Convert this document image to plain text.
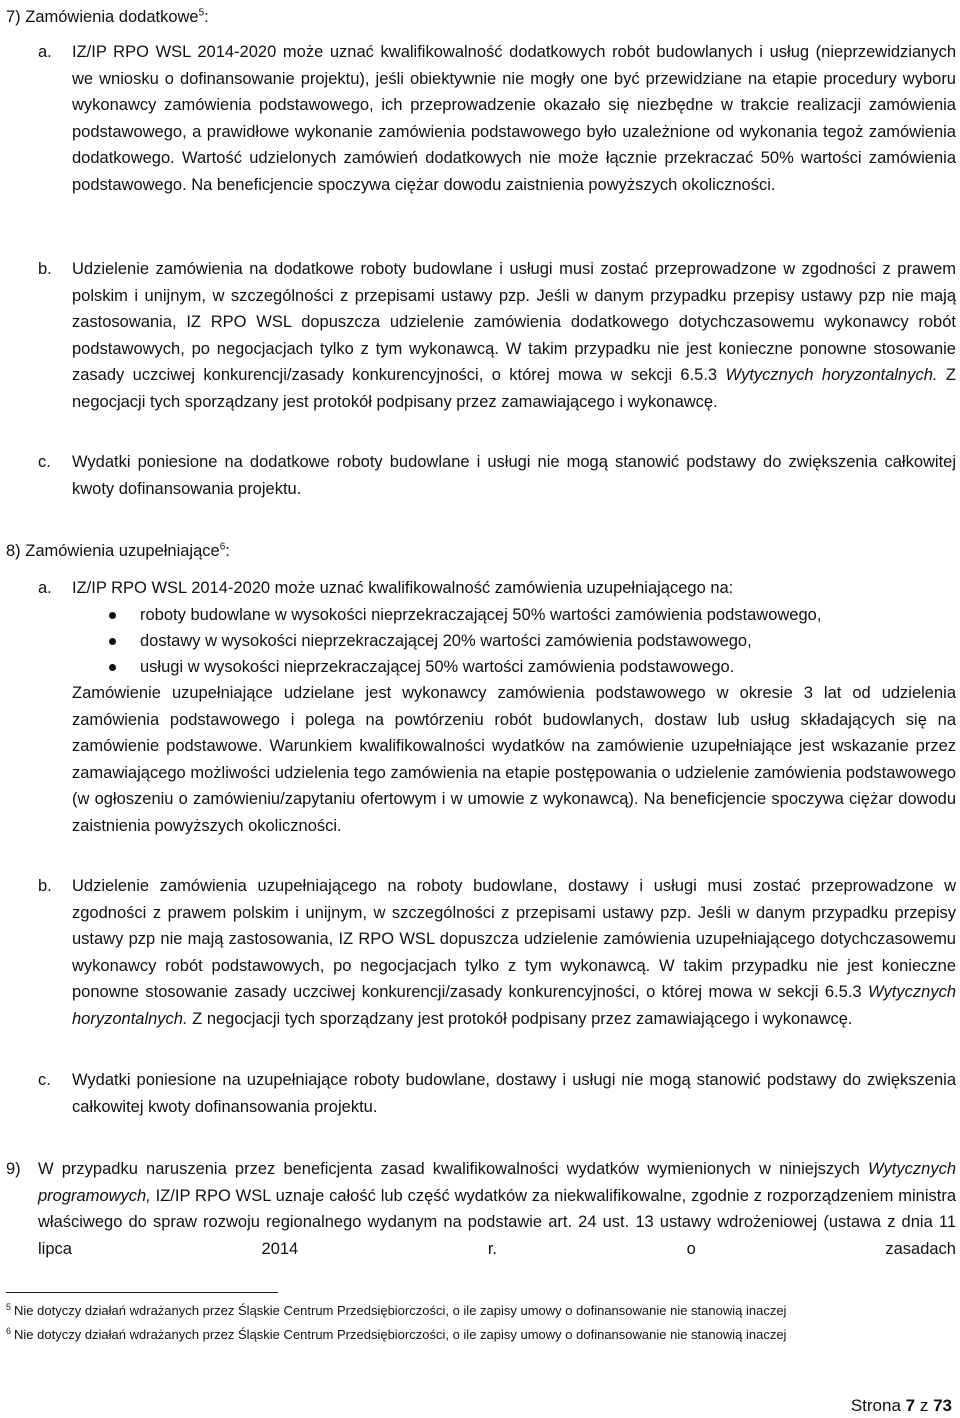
7) Zamówienia dodatkowe$^5$:
a. IZ/IP RPO WSL 2014-2020 może uznać kwalifikowalność dodatkowych robót budowlanych i usług (nieprzewidzianych we wniosku o dofinansowanie projektu), jeśli obiektywnie nie mogły one być przewidziane na etapie procedury wyboru wykonawcy zamówienia podstawowego, ich przeprowadzenie okazało się niezbędne w trakcie realizacji zamówienia podstawowego, a prawidłowe wykonanie zamówienia podstawowego było uzależnione od wykonania tegoż zamówienia dodatkowego. Wartość udzielonych zamówień dodatkowych nie może łącznie przekraczać 50% wartości zamówienia podstawowego. Na beneficjencie spoczywa ciężar dowodu zaistnienia powyższych okoliczności.
b. Udzielenie zamówienia na dodatkowe roboty budowlane i usługi musi zostać przeprowadzone w zgodności z prawem polskim i unijnym, w szczególności z przepisami ustawy pzp. Jeśli w danym przypadku przepisy ustawy pzp nie mają zastosowania, IZ RPO WSL dopuszcza udzielenie zamówienia dodatkowego dotychczasowemu wykonawcy robót podstawowych, po negocjacjach tylko z tym wykonawcą. W takim przypadku nie jest konieczne ponowne stosowanie zasady uczciwej konkurencji/zasady konkurencyjności, o której mowa w sekcji 6.5.3 Wytycznych horyzontalnych. Z negocjacji tych sporządzany jest protokół podpisany przez zamawiającego i wykonawcę.
c. Wydatki poniesione na dodatkowe roboty budowlane i usługi nie mogą stanowić podstawy do zwiększenia całkowitej kwoty dofinansowania projektu.
8) Zamówienia uzupełniające$^6$:
a. IZ/IP RPO WSL 2014-2020 może uznać kwalifikowalność zamówienia uzupełniającego na:
roboty budowlane w wysokości nieprzekraczającej 50% wartości zamówienia podstawowego,
dostawy w wysokości nieprzekraczającej 20% wartości zamówienia podstawowego,
usługi w wysokości nieprzekraczającej 50% wartości zamówienia podstawowego.
Zamówienie uzupełniające udzielane jest wykonawcy zamówienia podstawowego w okresie 3 lat od udzielenia zamówienia podstawowego i polega na powtórzeniu robót budowlanych, dostaw lub usług składających się na zamówienie podstawowe. Warunkiem kwalifikowalności wydatków na zamówienie uzupełniające jest wskazanie przez zamawiającego możliwości udzielenia tego zamówienia na etapie postępowania o udzielenie zamówienia podstawowego (w ogłoszeniu o zamówieniu/zapytaniu ofertowym i w umowie z wykonawcą). Na beneficjencie spoczywa ciężar dowodu zaistnienia powyższych okoliczności.
b. Udzielenie zamówienia uzupełniającego na roboty budowlane, dostawy i usługi musi zostać przeprowadzone w zgodności z prawem polskim i unijnym, w szczególności z przepisami ustawy pzp. Jeśli w danym przypadku przepisy ustawy pzp nie mają zastosowania, IZ RPO WSL dopuszcza udzielenie zamówienia uzupełniającego dotychczasowemu wykonawcy robót podstawowych, po negocjacjach tylko z tym wykonawcą. W takim przypadku nie jest konieczne ponowne stosowanie zasady uczciwej konkurencji/zasady konkurencyjności, o której mowa w sekcji 6.5.3 Wytycznych horyzontalnych. Z negocjacji tych sporządzany jest protokół podpisany przez zamawiającego i wykonawcę.
c. Wydatki poniesione na uzupełniające roboty budowlane, dostawy i usługi nie mogą stanowić podstawy do zwiększenia całkowitej kwoty dofinansowania projektu.
9) W przypadku naruszenia przez beneficjenta zasad kwalifikowalności wydatków wymienionych w niniejszych Wytycznych programowych, IZ/IP RPO WSL uznaje całość lub część wydatków za niekwalifikowalne, zgodnie z rozporządzeniem ministra właściwego do spraw rozwoju regionalnego wydanym na podstawie art. 24 ust. 13 ustawy wdrożeniowej (ustawa z dnia 11 lipca 2014 r. o zasadach
$^5$ Nie dotyczy działań wdrażanych przez Śląskie Centrum Przedsiębiorczości, o ile zapisy umowy o dofinansowanie nie stanowią inaczej
$^6$ Nie dotyczy działań wdrażanych przez Śląskie Centrum Przedsiębiorczości, o ile zapisy umowy o dofinansowanie nie stanowią inaczej
Strona 7 z 73
